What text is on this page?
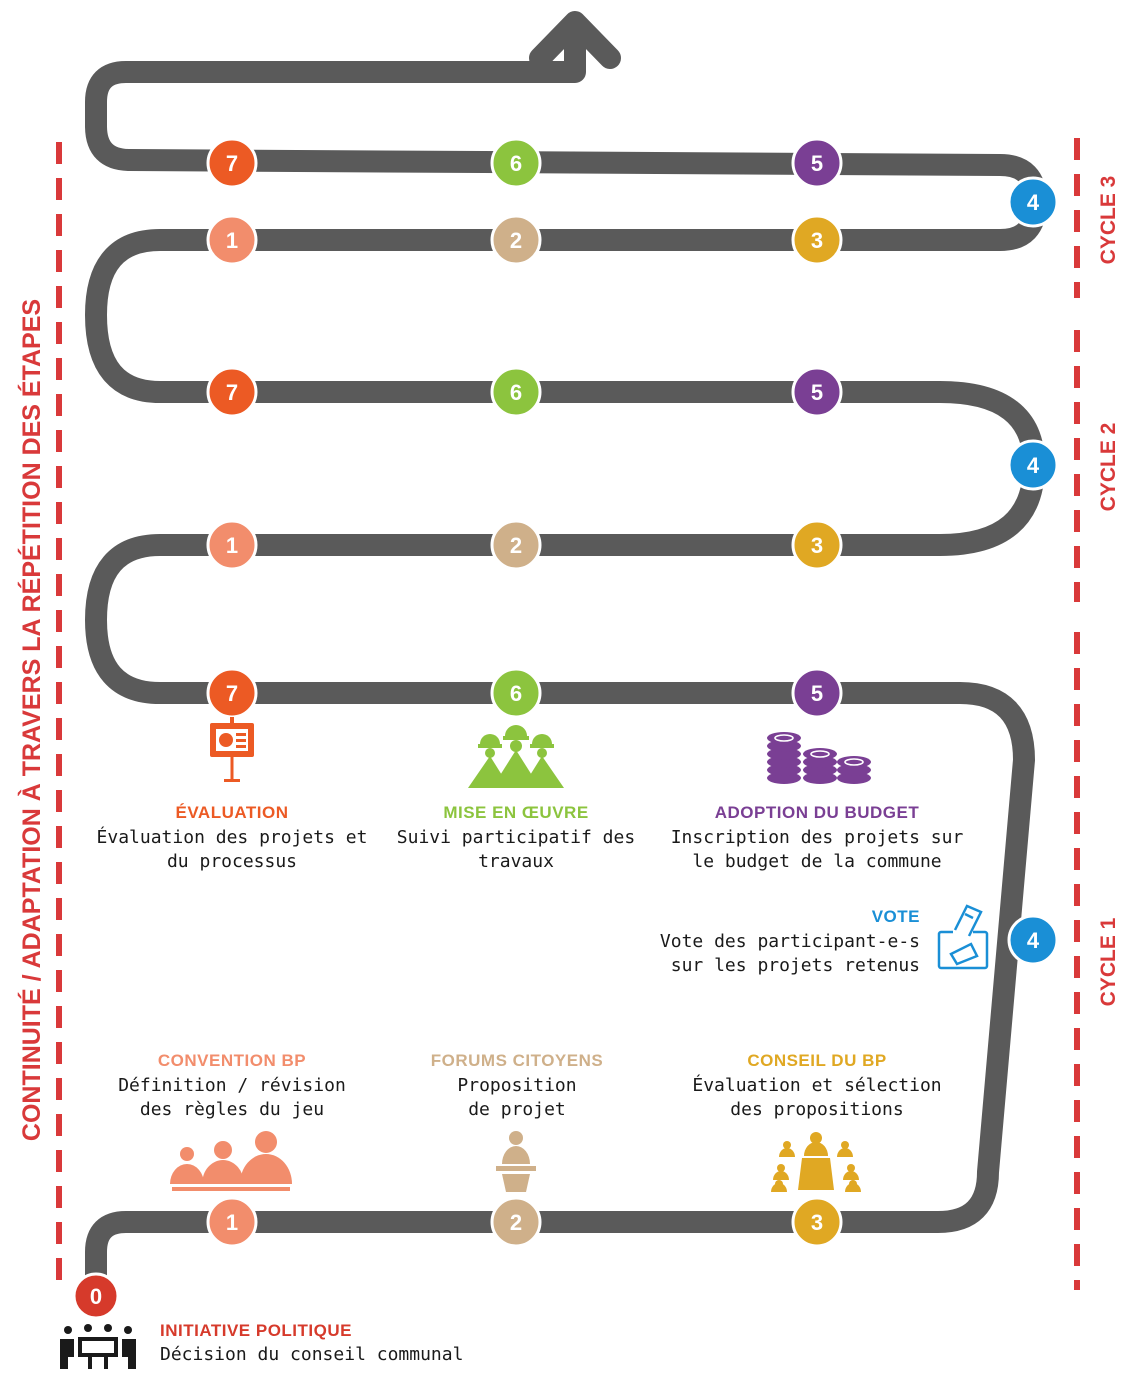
CONTINUITÉ / ADAPTATION À TRAVERS LA RÉPÉTITION DES ÉTAPES
CYCLE 3
CYCLE 2
CYCLE 1
0
1	2	3
4
5
6
7
1	2	3
4
5
6
7
1	2	3
4
5
6
7
ÉVALUATION
Évaluation des projets et
du processus
MISE EN ŒUVRE
Suivi participatif des
travaux
ADOPTION DU BUDGET
Inscription des projets sur
le budget de la commune
VOTE
Vote des participant-e-s
sur les projets retenus
CONVENTION BP
Définition / révision
des règles du jeu
FORUMS CITOYENS
Proposition
de projet
CONSEIL DU BP
Évaluation et sélection
des propositions
INITIATIVE POLITIQUE
Décision du conseil communal
